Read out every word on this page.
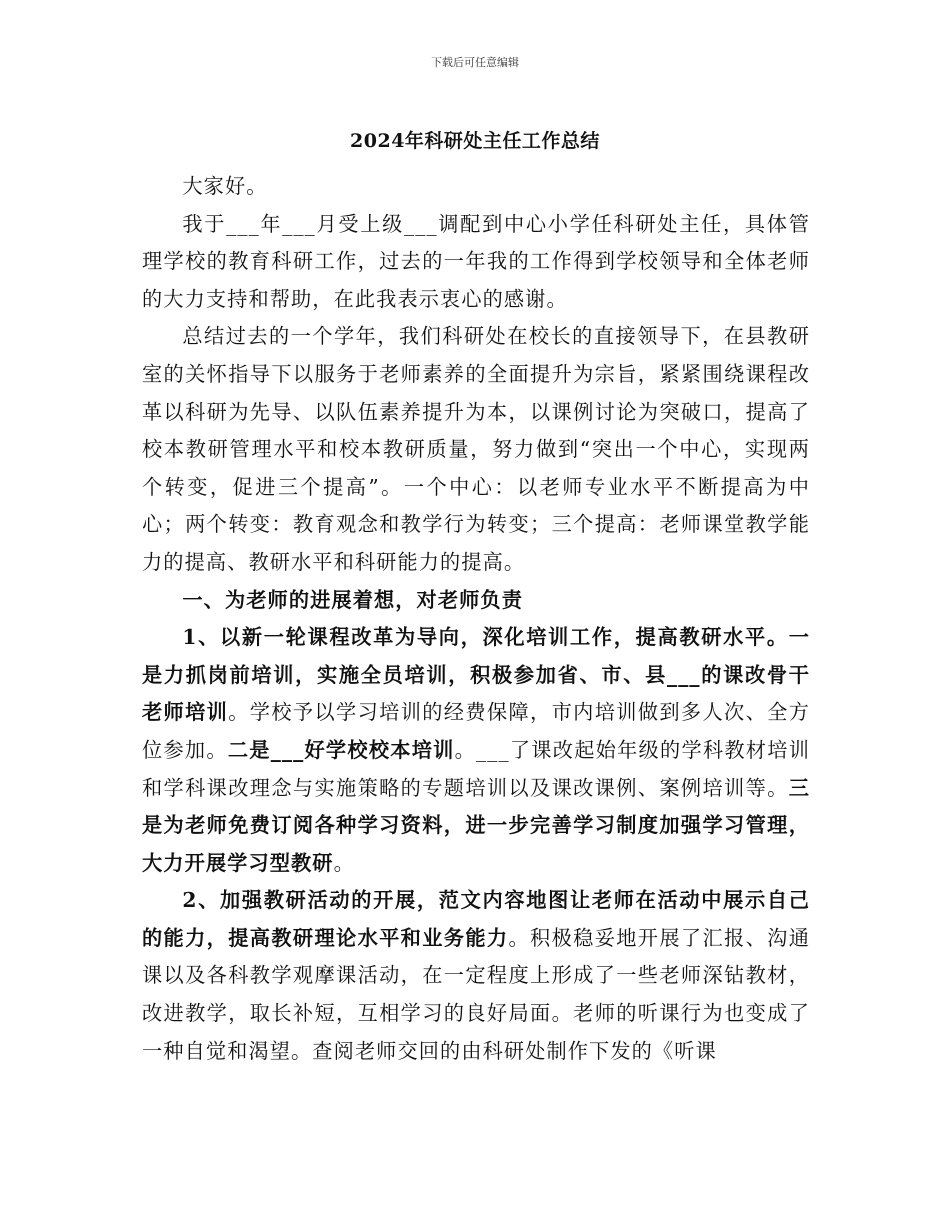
下载后可任意编辑
2024年科研处主任工作总结

大家好。

我于___年___月受上级___调配到中心小学任科研处主任，具体管理学校的教育科研工作，过去的一年我的工作得到学校领导和全体老师的大力支持和帮助，在此我表示衷心的感谢。

总结过去的一个学年，我们科研处在校长的直接领导下，在县教研室的关怀指导下以服务于老师素养的全面提升为宗旨，紧紧围绕课程改革以科研为先导、以队伍素养提升为本，以课例讨论为突破口，提高了校本教研管理水平和校本教研质量，努力做到“突出一个中心，实现两个转变，促进三个提高”。一个中心：以老师专业水平不断提高为中心；两个转变：教育观念和教学行为转变；三个提高：老师课堂教学能力的提高、教研水平和科研能力的提高。

一、为老师的进展着想，对老师负责

1、以新一轮课程改革为导向，深化培训工作，提高教研水平。一是力抓岗前培训，实施全员培训，积极参加省、市、县___的课改骨干老师培训。学校予以学习培训的经费保障，市内培训做到多人次、全方位参加。二是___好学校校本培训。___了课改起始年级的学科教材培训和学科课改理念与实施策略的专题培训以及课改课例、案例培训等。三是为老师免费订阅各种学习资料，进一步完善学习制度加强学习管理，大力开展学习型教研。

2、加强教研活动的开展，范文内容地图让老师在活动中展示自己的能力，提高教研理论水平和业务能力。积极稳妥地开展了汇报、沟通课以及各科教学观摩课活动，在一定程度上形成了一些老师深钻教材，改进教学，取长补短，互相学习的良好局面。老师的听课行为也变成了一种自觉和渴望。查阅老师交回的由科研处制作下发的《听课
